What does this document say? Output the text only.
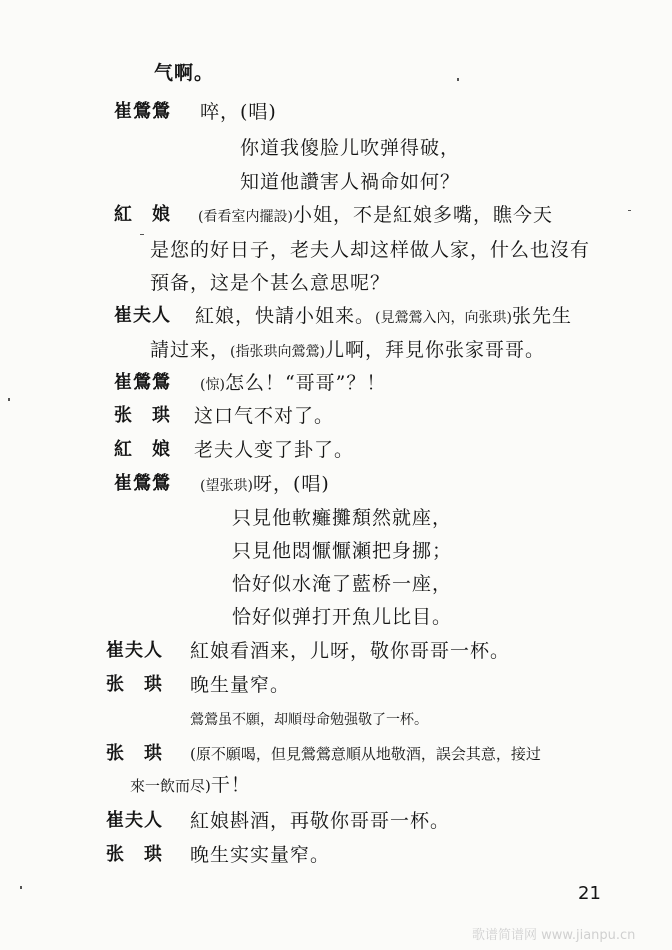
气啊。
崔鶯鶯 啐，(唱)
你道我傻脸儿吹弹得破，
知道他讚害人禍命如何？
紅　娘 (看看室内擺設)小姐，不是紅娘多嘴，瞧今天
是您的好日子，老夫人却这样做人家，什么也沒有
預备，这是个甚么意思呢？
崔夫人 紅娘，快請小姐来。(見鶯鶯入內，向张珙)张先生
請过来，(指张珙向鶯鶯)儿啊，拜見你张家哥哥。
崔鶯鶯 (惊)怎么！“哥哥”？！
张　珙 这口气不对了。
紅　娘 老夫人变了卦了。
崔鶯鶯 (望张珙)呀，(唱)
只見他軟癱攤頽然就座，
只見他悶懨懨瀬把身挪；
恰好似水淹了藍桥一座，
恰好似弹打开魚儿比目。
崔夫人 紅娘看酒来，儿呀，敬你哥哥一杯。
张　珙 晚生量窄。
鶯鶯虽不願，却順母命勉强敬了一杯。
张　珙 (原不願喝，但見鶯鶯意順从地敬酒，誤会其意，接过
來一飲而尽)干！
崔夫人 紅娘斟酒，再敬你哥哥一杯。
张　珙 晚生实实量窄。
21
歌谱简谱网 www.jianpu.cn
